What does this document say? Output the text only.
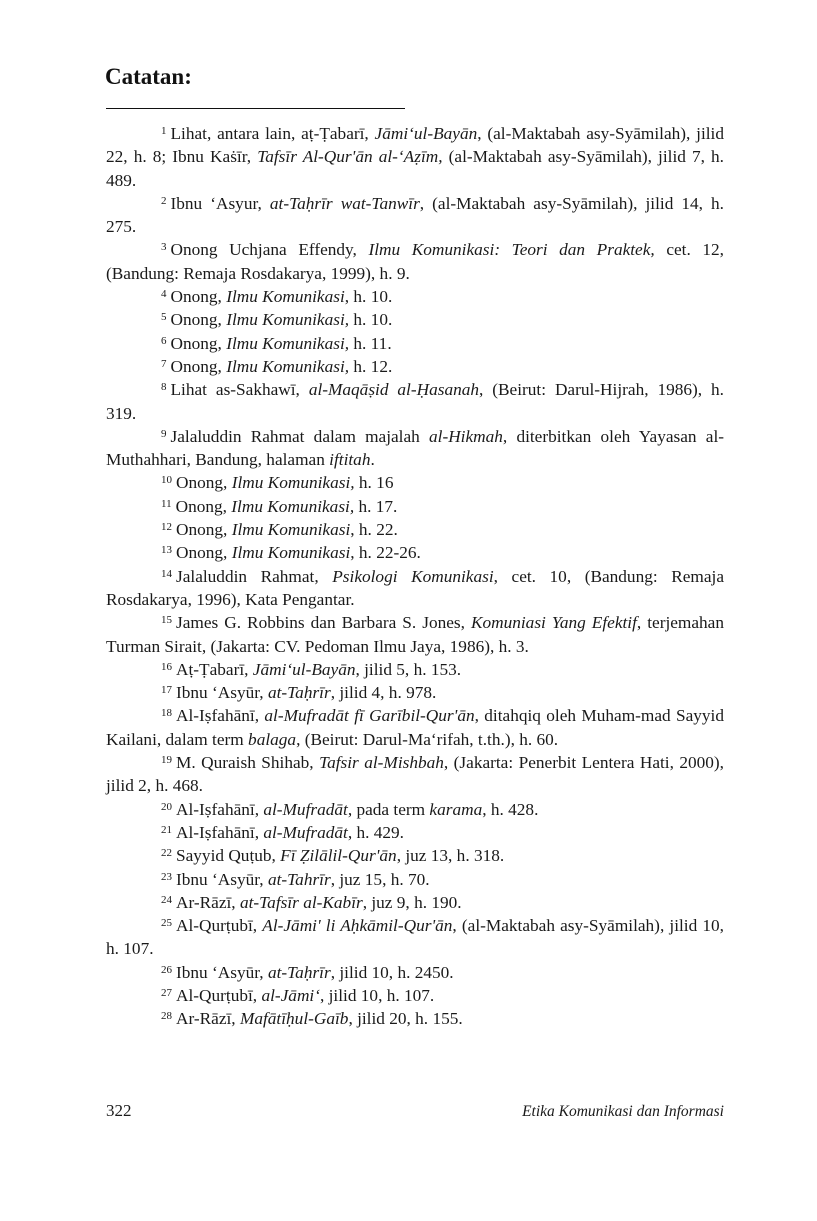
Catatan:

$^1$ Lihat, antara lain, aṭ-Ṭabarī, Jāmi‘ul-Bayān, (al-Maktabah asy-Syāmilah), jilid 22, h. 8; Ibnu Kaṡīr, Tafsīr Al-Qur'ān al-‘Aẓīm, (al-Maktabah asy-Syāmilah), jilid 7, h. 489.

$^2$ Ibnu ‘Asyur, at-Taḥrīr wat-Tanwīr, (al-Maktabah asy-Syāmilah), jilid 14, h. 275.

$^3$ Onong Uchjana Effendy, Ilmu Komunikasi: Teori dan Praktek, cet. 12, (Bandung: Remaja Rosdakarya, 1999), h. 9.

$^4$ Onong, Ilmu Komunikasi, h. 10.

$^5$ Onong, Ilmu Komunikasi, h. 10.

$^6$ Onong, Ilmu Komunikasi, h. 11.

$^7$ Onong, Ilmu Komunikasi, h. 12.

$^8$ Lihat as-Sakhawī, al-Maqāṣid al-Ḥasanah, (Beirut: Darul-Hijrah, 1986), h. 319.

$^9$ Jalaluddin Rahmat dalam majalah al-Hikmah, diterbitkan oleh Yayasan al-Muthahhari, Bandung, halaman iftitah.

$^{10}$ Onong, Ilmu Komunikasi, h. 16

$^{11}$ Onong, Ilmu Komunikasi, h. 17.

$^{12}$ Onong, Ilmu Komunikasi, h. 22.

$^{13}$ Onong, Ilmu Komunikasi, h. 22-26.

$^{14}$ Jalaluddin Rahmat, Psikologi Komunikasi, cet. 10, (Bandung: Remaja Rosdakarya, 1996), Kata Pengantar.

$^{15}$ James G. Robbins dan Barbara S. Jones, Komuniasi Yang Efektif, terjemahan Turman Sirait, (Jakarta: CV. Pedoman Ilmu Jaya, 1986), h. 3.

$^{16}$ Aṭ-Ṭabarī, Jāmi‘ul-Bayān, jilid 5, h. 153.

$^{17}$ Ibnu ‘Asyūr, at-Taḥrīr, jilid 4, h. 978.

$^{18}$ Al-Iṣfahānī, al-Mufradāt fī Garībil-Qur'ān, ditahqiq oleh Muham-mad Sayyid Kailani, dalam term balaga, (Beirut: Darul-Ma‘rifah, t.th.), h. 60.

$^{19}$ M. Quraish Shihab, Tafsir al-Mishbah, (Jakarta: Penerbit Lentera Hati, 2000), jilid 2, h. 468.

$^{20}$ Al-Iṣfahānī, al-Mufradāt, pada term karama, h. 428.

$^{21}$ Al-Iṣfahānī, al-Mufradāt, h. 429.

$^{22}$ Sayyid Quṭub, Fī Ẓilālil-Qur'ān, juz 13, h. 318.

$^{23}$ Ibnu ‘Asyūr, at-Tahrīr, juz 15, h. 70.

$^{24}$ Ar-Rāzī, at-Tafsīr al-Kabīr, juz 9, h. 190.

$^{25}$ Al-Qurṭubī, Al-Jāmi' li Aḥkāmil-Qur'ān, (al-Maktabah asy-Syāmilah), jilid 10, h. 107.

$^{26}$ Ibnu ‘Asyūr, at-Taḥrīr, jilid 10, h. 2450.

$^{27}$ Al-Qurṭubī, al-Jāmi‘, jilid 10, h. 107.

$^{28}$ Ar-Rāzī, Mafātīḥul-Gaīb, jilid 20, h. 155.

322	Etika Komunikasi dan Informasi
